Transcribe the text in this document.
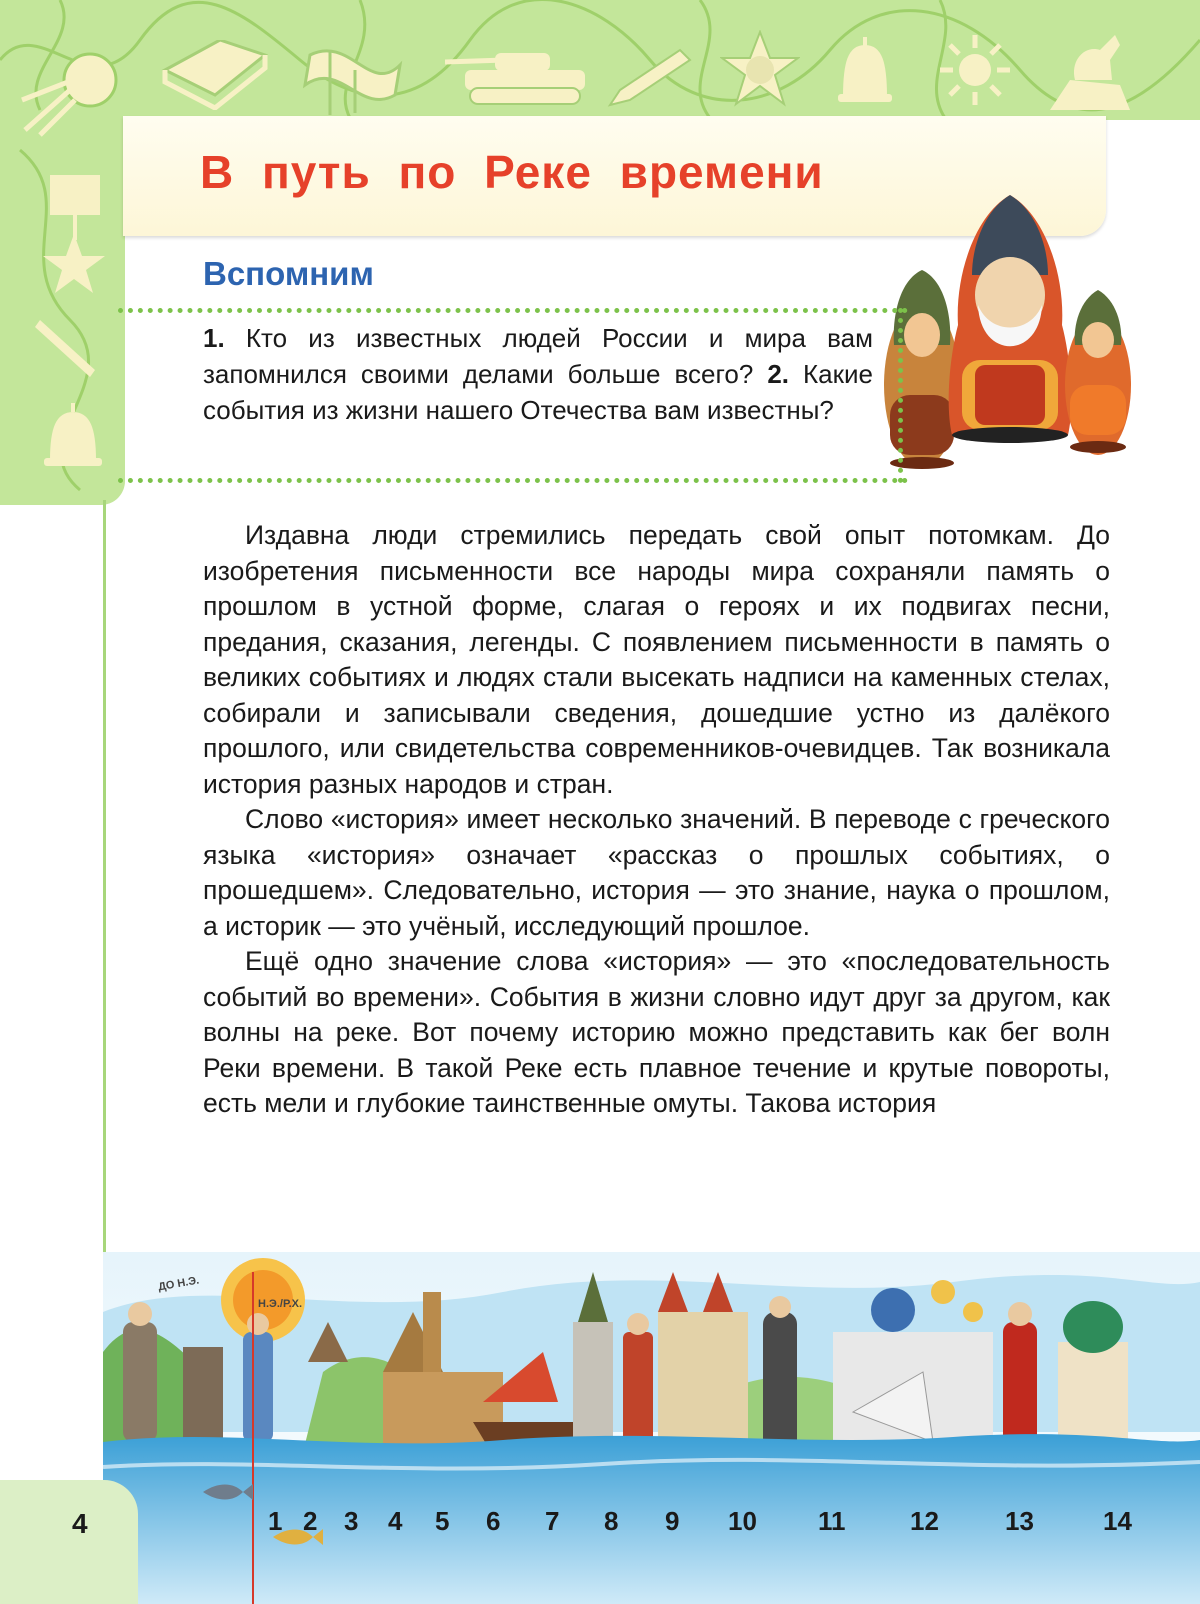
В путь по Реке времени
Вспомним

1. Кто из известных людей России и мира вам запомнился своими делами больше всего? 2. Какие события из жизни нашего Отечества вам известны?

Издавна люди стремились передать свой опыт потомкам. До изобретения письменности все народы мира сохраняли память о прошлом в устной форме, слагая о героях и их подвигах песни, предания, сказания, легенды. С появлением письменности в память о великих событиях и людях стали высекать надписи на каменных стелах, собирали и записывали сведения, дошедшие устно из далёкого прошлого, или свидетельства современников-очевидцев. Так возникала история разных народов и стран.

Слово «история» имеет несколько значений. В переводе с греческого языка «история» означает «рассказ о прошлых событиях, о прошедшем». Следовательно, история — это знание, наука о прошлом, а историк — это учёный, исследующий прошлое.

Ещё одно значение слова «история» — это «последовательность событий во времени». События в жизни словно идут друг за другом, как волны на реке. Вот почему историю можно представить как бег волн Реки времени. В такой Реке есть плавное течение и крутые повороты, есть мели и глубокие таинственные омуты. Такова история

ДО Н.Э.
Н.Э./Р.Х.
1 2 3 4 5 6 7 8 9 10 11 12	13	14
4
